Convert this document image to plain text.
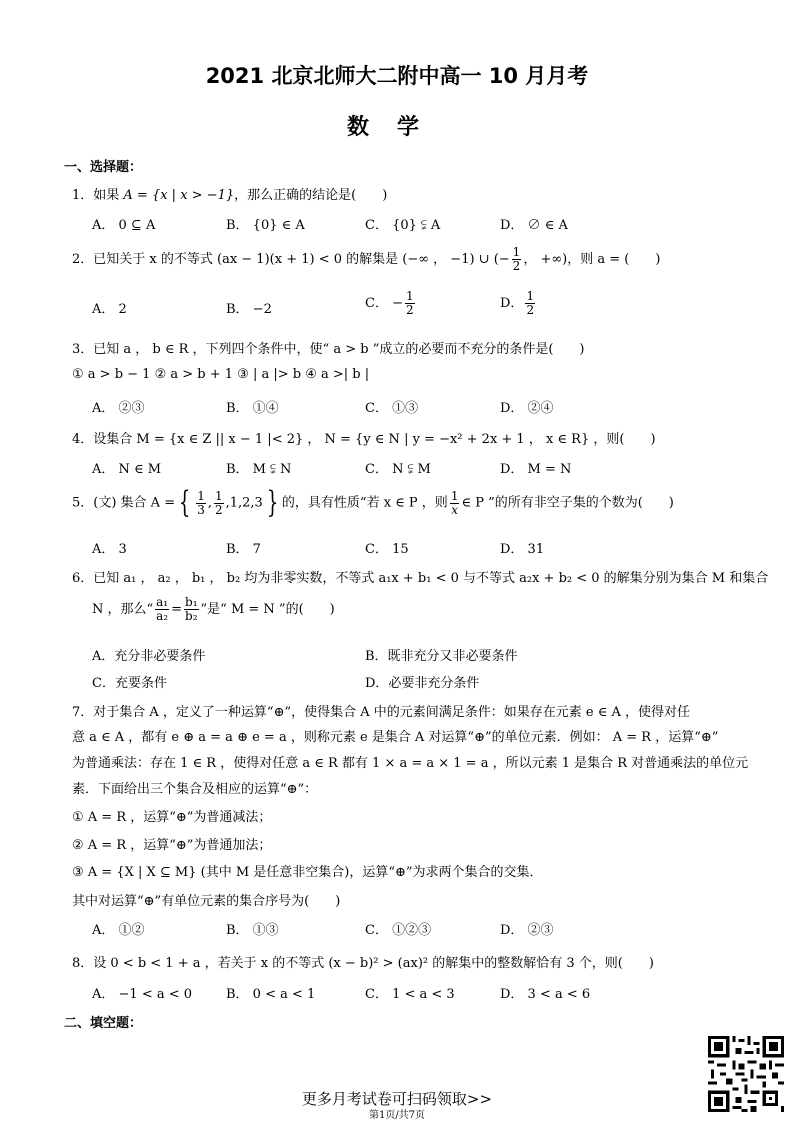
2021 北京北师大二附中高一 10 月月考
数学
一、选择题：
1．如果 A = {x | x > −1}，那么正确的结论是(　　)
A． 0 ⊆ A	B． {0} ∈ A	C． {0} ⫋ A	D． ∅ ∈ A
2．已知关于 x 的不等式 (ax − 1)(x + 1) < 0 的解集是 (−∞ ， −1) ∪ (− $\frac{1}{2}$ ， +∞)，则 a = (　　)
A． 2	B． −2	C． − $\frac{1}{2}$	D． $\frac{1}{2}$
3．已知 a ， b ∈ R ，下列四个条件中，使“ a > b ”成立的必要而不充分的条件是(　　)
① a > b − 1 ② a > b + 1 ③ | a |> b ④ a >| b |
A． ②③	B． ①④	C． ①③	D． ②④
4．设集合 M = {x ∈ Z || x − 1 |< 2} ， N = {y ∈ N | y = −x² + 2x + 1 ， x ∈ R} ，则(　　)
A． N ∈ M	B． M ⫋ N	C． N ⫋ M	D． M = N
5．(文) 集合 A = { $\frac{1}{3}$ , $\frac{1}{2} ,1,2,3$ } 的，具有性质“若 x ∈ P ，则 $\frac{1}{x}$ ∈ P ”的所有非空子集的个数为(　　)
A． 3	B． 7	C． 15	D． 31
6．已知 a₁ ， a₂ ， b₁ ， b₂ 均为非零实数，不等式 a₁x + b₁ < 0 与不等式 a₂x + b₂ < 0 的解集分别为集合 M 和集合
N ，那么“ $\frac{\text{a₁}}{\text{a₂}} = \frac{\text{b₁}}{\text{b₂}}$ ”是“ M = N ”的(　　)
A．充分非必要条件	B．既非充分又非必要条件
C．充要条件	D．必要非充分条件
7．对于集合 A ，定义了一种运算“⊕”，使得集合 A 中的元素间满足条件：如果存在元素 e ∈ A ，使得对任
意 a ∈ A ，都有 e ⊕ a = a ⊕ e = a ，则称元素 e 是集合 A 对运算“⊕”的单位元素．例如： A = R ，运算“⊕”
为普通乘法：存在 1 ∈ R ，使得对任意 a ∈ R 都有 1 × a = a × 1 = a ，所以元素 1 是集合 R 对普通乘法的单位元
素．下面给出三个集合及相应的运算“⊕”：
① A = R ，运算“⊕”为普通减法；
② A = R ，运算“⊕”为普通加法；
③ A = {X | X ⊆ M} (其中 M 是任意非空集合)，运算“⊕”为求两个集合的交集．
其中对运算“⊕”有单位元素的集合序号为(　　)
A． ①②	B． ①③	C． ①②③	D． ②③
8．设 0 < b < 1 + a ，若关于 x 的不等式 (x − b)² > (ax)² 的解集中的整数解恰有 3 个，则(　　)
A． −1 < a < 0	B． 0 < a < 1	C． 1 < a < 3	D． 3 < a < 6
二、填空题：
更多月考试卷可扫码领取>>
第1页/共7页
